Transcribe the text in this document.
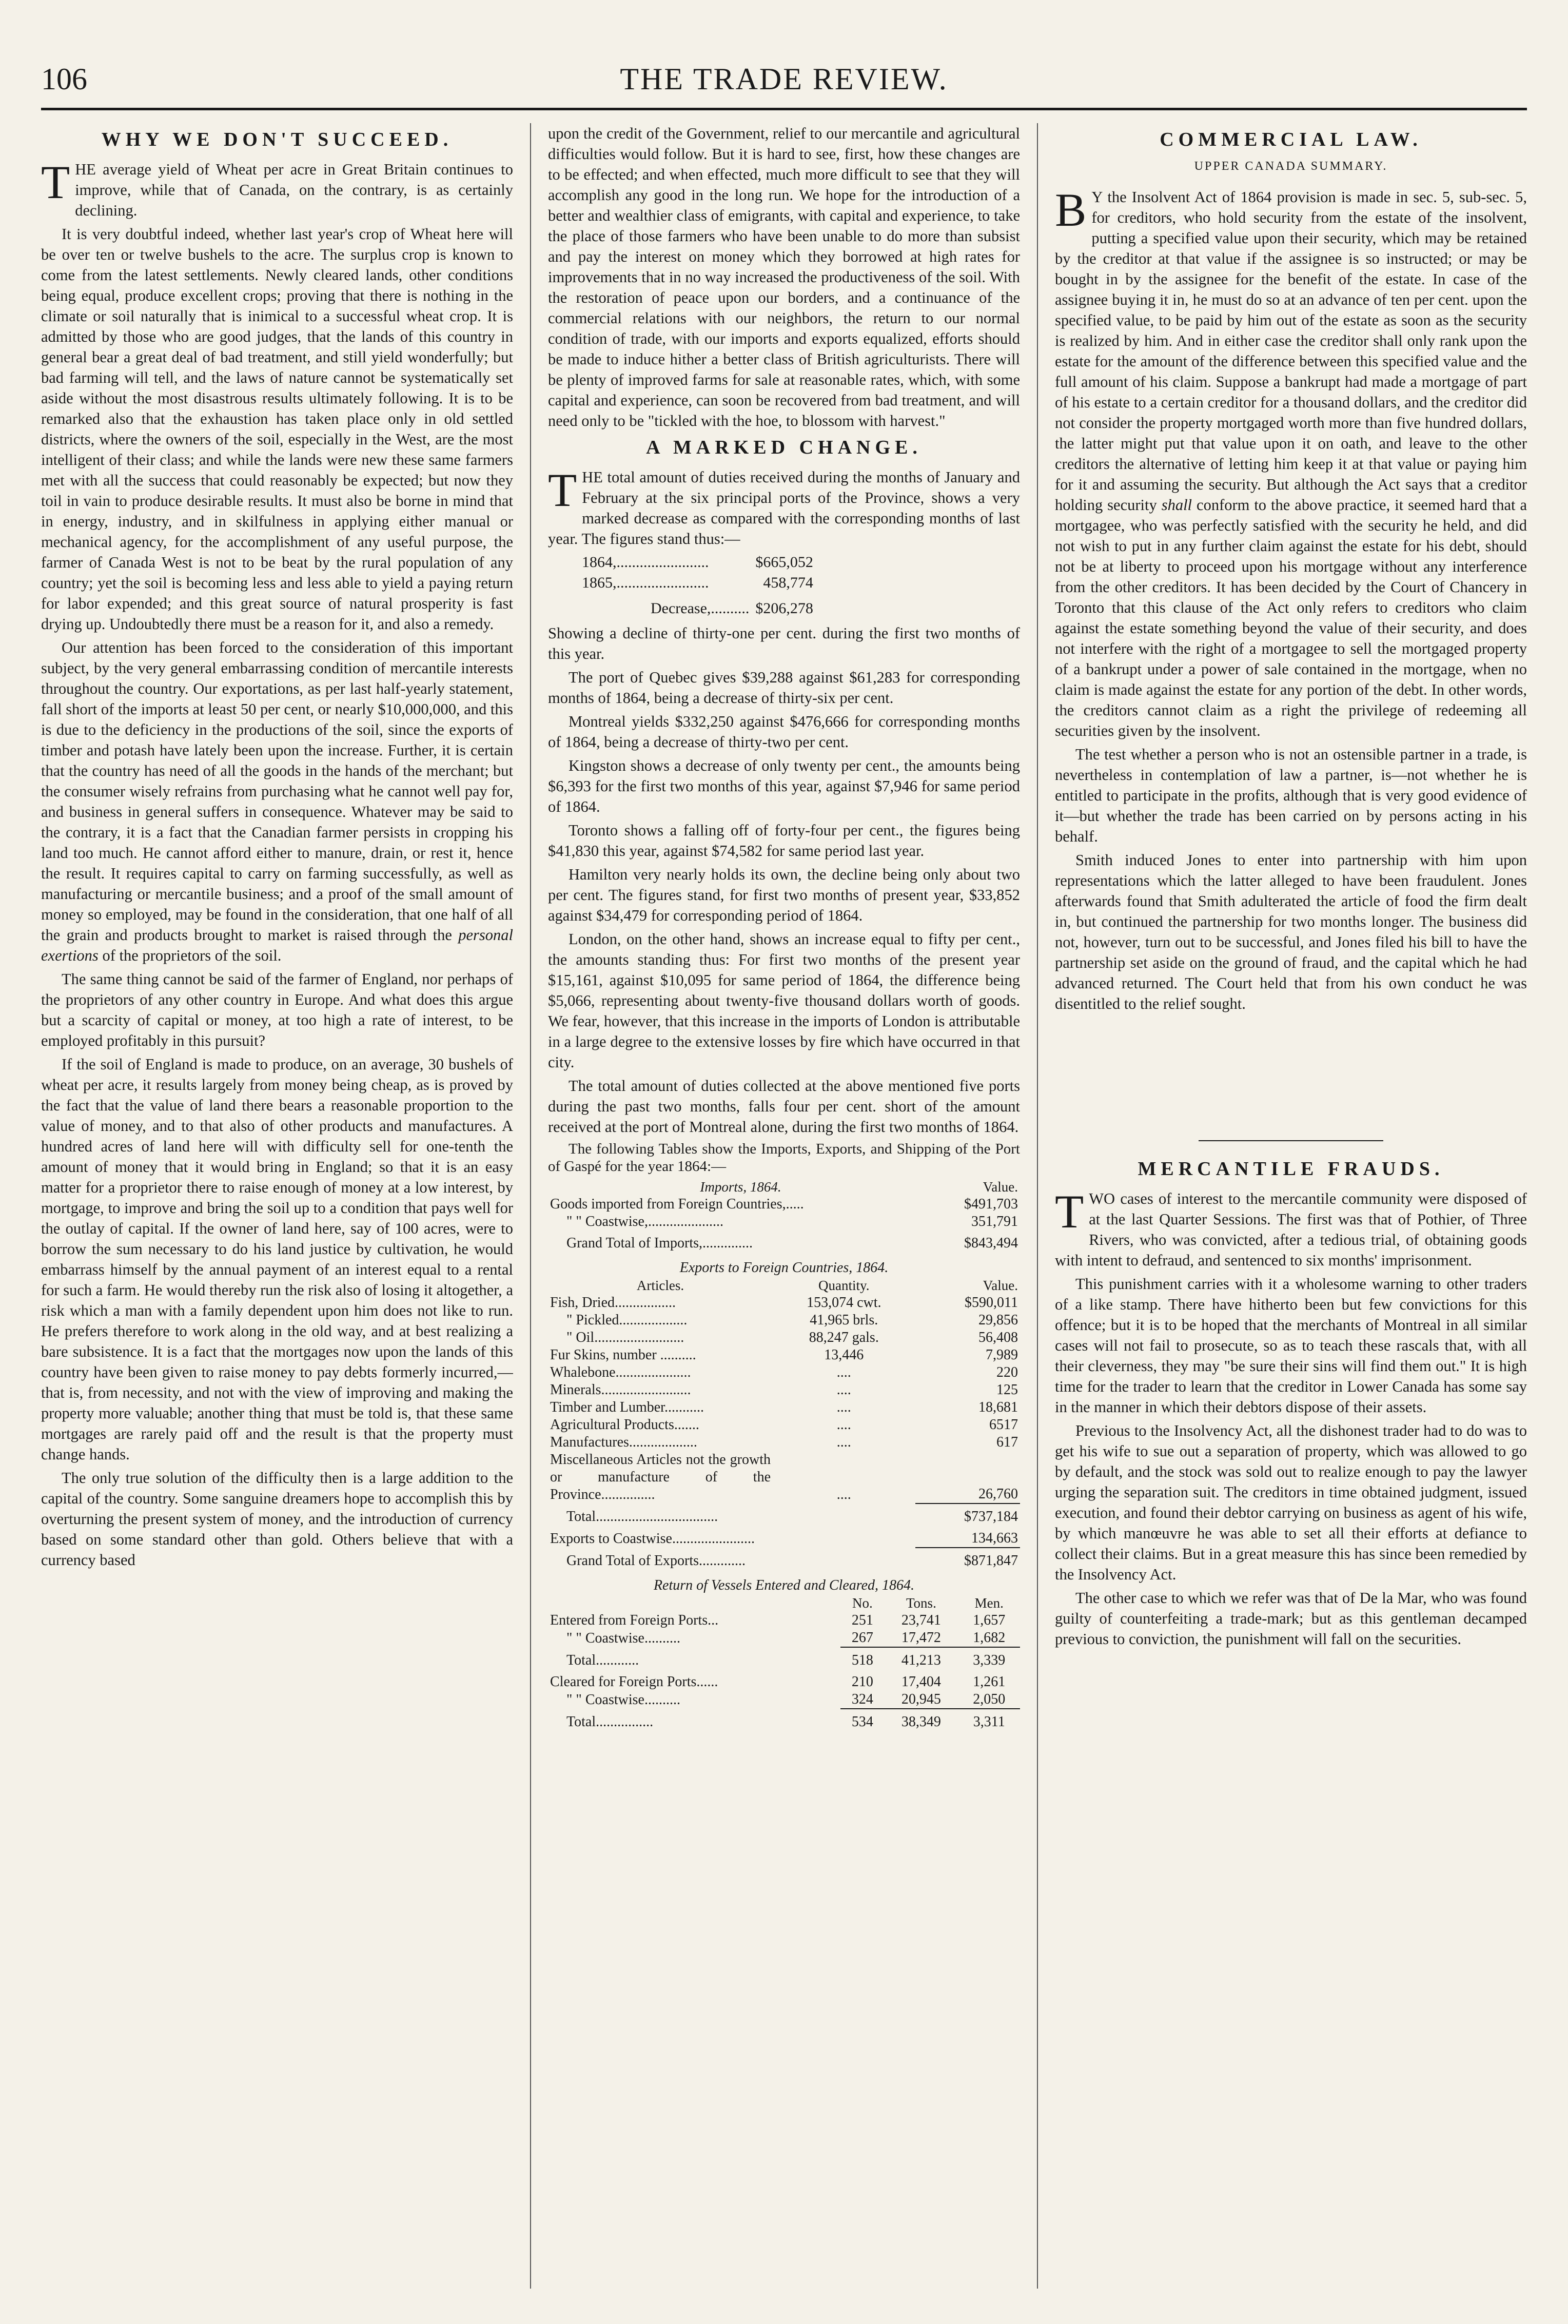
106	THE TRADE REVIEW.
WHY WE DON'T SUCCEED.

THE average yield of Wheat per acre in Great Britain continues to improve, while that of Canada, on the contrary, is as certainly declining.

It is very doubtful indeed, whether last year's crop of Wheat here will be over ten or twelve bushels to the acre. The surplus crop is known to come from the latest settlements. Newly cleared lands, other conditions being equal, produce excellent crops; proving that there is nothing in the climate or soil naturally that is inimical to a successful wheat crop. It is admitted by those who are good judges, that the lands of this country in general bear a great deal of bad treatment, and still yield wonderfully; but bad farming will tell, and the laws of nature cannot be systematically set aside without the most disastrous results ultimately following. It is to be remarked also that the exhaustion has taken place only in old settled districts, where the owners of the soil, especially in the West, are the most intelligent of their class; and while the lands were new these same farmers met with all the success that could reasonably be expected; but now they toil in vain to produce desirable results. It must also be borne in mind that in energy, industry, and in skilfulness in applying either manual or mechanical agency, for the accomplishment of any useful purpose, the farmer of Canada West is not to be beat by the rural population of any country; yet the soil is becoming less and less able to yield a paying return for labor expended; and this great source of natural prosperity is fast drying up. Undoubtedly there must be a reason for it, and also a remedy.

Our attention has been forced to the consideration of this important subject, by the very general embarrassing condition of mercantile interests throughout the country. Our exportations, as per last half-yearly statement, fall short of the imports at least 50 per cent, or nearly $10,000,000, and this is due to the deficiency in the productions of the soil, since the exports of timber and potash have lately been upon the increase. Further, it is certain that the country has need of all the goods in the hands of the merchant; but the consumer wisely refrains from purchasing what he cannot well pay for, and business in general suffers in consequence. Whatever may be said to the contrary, it is a fact that the Canadian farmer persists in cropping his land too much. He cannot afford either to manure, drain, or rest it, hence the result. It requires capital to carry on farming successfully, as well as manufacturing or mercantile business; and a proof of the small amount of money so employed, may be found in the consideration, that one half of all the grain and products brought to market is raised through the personal exertions of the proprietors of the soil.

The same thing cannot be said of the farmer of England, nor perhaps of the proprietors of any other country in Europe. And what does this argue but a scarcity of capital or money, at too high a rate of interest, to be employed profitably in this pursuit?

If the soil of England is made to produce, on an average, 30 bushels of wheat per acre, it results largely from money being cheap, as is proved by the fact that the value of land there bears a reasonable proportion to the value of money, and to that also of other products and manufactures. A hundred acres of land here will with difficulty sell for one-tenth the amount of money that it would bring in England; so that it is an easy matter for a proprietor there to raise enough of money at a low interest, by mortgage, to improve and bring the soil up to a condition that pays well for the outlay of capital. If the owner of land here, say of 100 acres, were to borrow the sum necessary to do his land justice by cultivation, he would embarrass himself by the annual payment of an interest equal to a rental for such a farm. He would thereby run the risk also of losing it altogether, a risk which a man with a family dependent upon him does not like to run. He prefers therefore to work along in the old way, and at best realizing a bare subsistence. It is a fact that the mortgages now upon the lands of this country have been given to raise money to pay debts formerly incurred,—that is, from necessity, and not with the view of improving and making the property more valuable; another thing that must be told is, that these same mortgages are rarely paid off and the result is that the property must change hands.

The only true solution of the difficulty then is a large addition to the capital of the country. Some sanguine dreamers hope to accomplish this by overturning the present system of money, and the introduction of currency based on some standard other than gold. Others believe that with a currency based

upon the credit of the Government, relief to our mercantile and agricultural difficulties would follow. But it is hard to see, first, how these changes are to be effected; and when effected, much more difficult to see that they will accomplish any good in the long run. We hope for the introduction of a better and wealthier class of emigrants, with capital and experience, to take the place of those farmers who have been unable to do more than subsist and pay the interest on money which they borrowed at high rates for improvements that in no way increased the productiveness of the soil. With the restoration of peace upon our borders, and a continuance of the commercial relations with our neighbors, the return to our normal condition of trade, with our imports and exports equalized, efforts should be made to induce hither a better class of British agriculturists. There will be plenty of improved farms for sale at reasonable rates, which, with some capital and experience, can soon be recovered from bad treatment, and will need only to be "tickled with the hoe, to blossom with harvest."

A MARKED CHANGE.

THE total amount of duties received during the months of January and February at the six principal ports of the Province, shows a very marked decrease as compared with the corresponding months of last year. The figures stand thus:—

1864,........................	$665,052
1865,........................	458,774
Decrease,..........	$206,278

Showing a decline of thirty-one per cent. during the first two months of this year.

The port of Quebec gives $39,288 against $61,283 for corresponding months of 1864, being a decrease of thirty-six per cent.

Montreal yields $332,250 against $476,666 for corresponding months of 1864, being a decrease of thirty-two per cent.

Kingston shows a decrease of only twenty per cent., the amounts being $6,393 for the first two months of this year, against $7,946 for same period of 1864.

Toronto shows a falling off of forty-four per cent., the figures being $41,830 this year, against $74,582 for same period last year.

Hamilton very nearly holds its own, the decline being only about two per cent. The figures stand, for first two months of present year, $33,852 against $34,479 for corresponding period of 1864.

London, on the other hand, shows an increase equal to fifty per cent., the amounts standing thus: For first two months of the present year $15,161, against $10,095 for same period of 1864, the difference being $5,066, representing about twenty-five thousand dollars worth of goods. We fear, however, that this increase in the imports of London is attributable in a large degree to the extensive losses by fire which have occurred in that city.

The total amount of duties collected at the above mentioned five ports during the past two months, falls four per cent. short of the amount received at the port of Montreal alone, during the first two months of 1864.

The following Tables show the Imports, Exports, and Shipping of the Port of Gaspé for the year 1864:—

Imports, 1864.	Value.
Goods imported from Foreign Countries,.....	$491,703
" " Coastwise,.....................	351,791
Grand Total of Imports,..............	$843,494
Exports to Foreign Countries, 1864.		
Articles.	Quantity.	Value.
Fish, Dried.................	153,074 cwt.	$590,011
" Pickled...................	41,965 brls.	29,856
" Oil.........................	88,247 gals.	56,408
Fur Skins, number ..........	13,446	7,989
Whalebone.....................	....	220
Minerals.........................	....	125
Timber and Lumber...........	....	18,681
Agricultural Products.......	....	6517
Manufactures...................	....	617
Miscellaneous Articles not the growth or manufacture of the Province...............	....	26,760
Total..................................		$737,184
Exports to Coastwise.......................		134,663
Grand Total of Exports.............		$871,847
Return of Vessels Entered and Cleared, 1864.			
	No.	Tons.	Men.
Entered from Foreign Ports...	251	23,741	1,657
" " Coastwise..........	267	17,472	1,682
Total............	518	41,213	3,339
Cleared for Foreign Ports......	210	17,404	1,261
" " Coastwise..........	324	20,945	2,050
Total................	534	38,349	3,311
COMMERCIAL LAW.
UPPER CANADA SUMMARY.

B Y the Insolvent Act of 1864 provision is made in sec. 5, sub-sec. 5, for creditors, who hold security from the estate of the insolvent, putting a specified value upon their security, which may be retained by the creditor at that value if the assignee is so instructed; or may be bought in by the assignee for the benefit of the estate. In case of the assignee buying it in, he must do so at an advance of ten per cent. upon the specified value, to be paid by him out of the estate as soon as the security is realized by him. And in either case the creditor shall only rank upon the estate for the amount of the difference between this specified value and the full amount of his claim. Suppose a bankrupt had made a mortgage of part of his estate to a certain creditor for a thousand dollars, and the creditor did not consider the property mortgaged worth more than five hundred dollars, the latter might put that value upon it on oath, and leave to the other creditors the alternative of letting him keep it at that value or paying him for it and assuming the security. But although the Act says that a creditor holding security shall conform to the above practice, it seemed hard that a mortgagee, who was perfectly satisfied with the security he held, and did not wish to put in any further claim against the estate for his debt, should not be at liberty to proceed upon his mortgage without any interference from the other creditors. It has been decided by the Court of Chancery in Toronto that this clause of the Act only refers to creditors who claim against the estate something beyond the value of their security, and does not interfere with the right of a mortgagee to sell the mortgaged property of a bankrupt under a power of sale contained in the mortgage, when no claim is made against the estate for any portion of the debt. In other words, the creditors cannot claim as a right the privilege of redeeming all securities given by the insolvent.

The test whether a person who is not an ostensible partner in a trade, is nevertheless in contemplation of law a partner, is—not whether he is entitled to participate in the profits, although that is very good evidence of it—but whether the trade has been carried on by persons acting in his behalf.

Smith induced Jones to enter into partnership with him upon representations which the latter alleged to have been fraudulent. Jones afterwards found that Smith adulterated the article of food the firm dealt in, but continued the partnership for two months longer. The business did not, however, turn out to be successful, and Jones filed his bill to have the partnership set aside on the ground of fraud, and the capital which he had advanced returned. The Court held that from his own conduct he was disentitled to the relief sought.

MERCANTILE FRAUDS.

TWO cases of interest to the mercantile community were disposed of at the last Quarter Sessions. The first was that of Pothier, of Three Rivers, who was convicted, after a tedious trial, of obtaining goods with intent to defraud, and sentenced to six months' imprisonment.

This punishment carries with it a wholesome warning to other traders of a like stamp. There have hitherto been but few convictions for this offence; but it is to be hoped that the merchants of Montreal in all similar cases will not fail to prosecute, so as to teach these rascals that, with all their cleverness, they may "be sure their sins will find them out." It is high time for the trader to learn that the creditor in Lower Canada has some say in the manner in which their debtors dispose of their assets.

Previous to the Insolvency Act, all the dishonest trader had to do was to get his wife to sue out a separation of property, which was allowed to go by default, and the stock was sold out to realize enough to pay the lawyer urging the separation suit. The creditors in time obtained judgment, issued execution, and found their debtor carrying on business as agent of his wife, by which manœuvre he was able to set all their efforts at defiance to collect their claims. But in a great measure this has since been remedied by the Insolvency Act.

The other case to which we refer was that of De la Mar, who was found guilty of counterfeiting a trade-mark; but as this gentleman decamped previous to conviction, the punishment will fall on the securities.
